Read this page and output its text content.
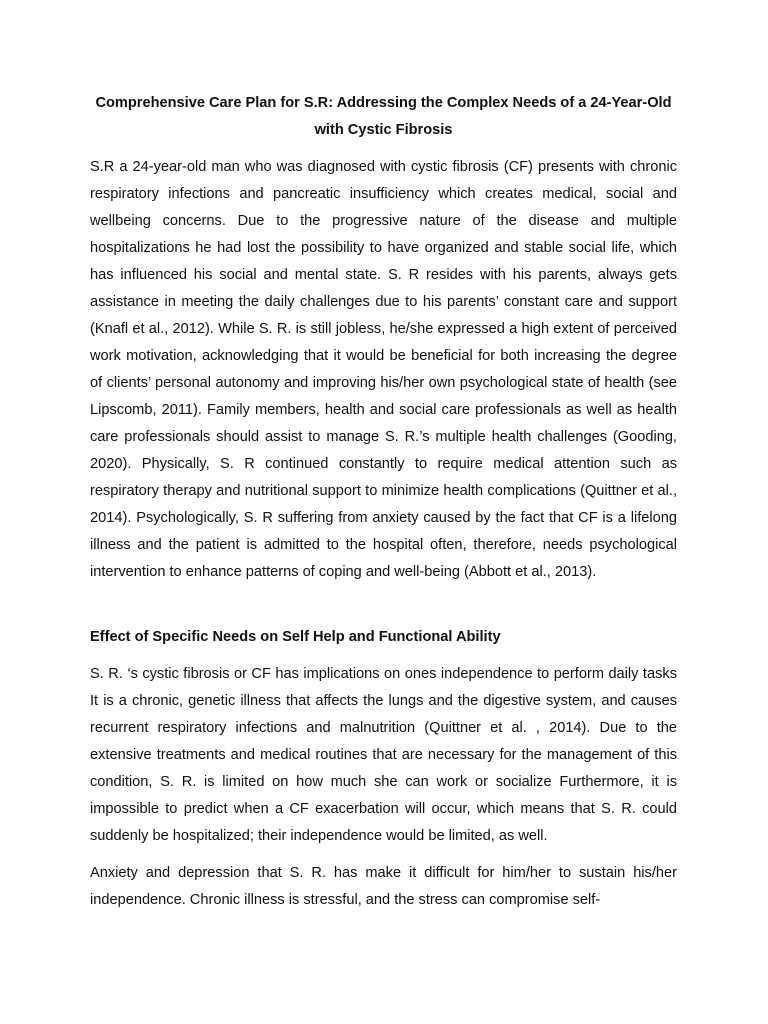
Comprehensive Care Plan for S.R: Addressing the Complex Needs of a 24-Year-Old with Cystic Fibrosis

S.R a 24-year-old man who was diagnosed with cystic fibrosis (CF) presents with chronic respiratory infections and pancreatic insufficiency which creates medical, social and wellbeing concerns. Due to the progressive nature of the disease and multiple hospitalizations he had lost the possibility to have organized and stable social life, which has influenced his social and mental state. S. R resides with his parents, always gets assistance in meeting the daily challenges due to his parents’ constant care and support (Knafl et al., 2012). While S. R. is still jobless, he/she expressed a high extent of perceived work motivation, acknowledging that it would be beneficial for both increasing the degree of clients’ personal autonomy and improving his/her own psychological state of health (see Lipscomb, 2011). Family members, health and social care professionals as well as health care professionals should assist to manage S. R.’s multiple health challenges (Gooding, 2020). Physically, S. R continued constantly to require medical attention such as respiratory therapy and nutritional support to minimize health complications (Quittner et al., 2014). Psychologically, S. R suffering from anxiety caused by the fact that CF is a lifelong illness and the patient is admitted to the hospital often, therefore, needs psychological intervention to enhance patterns of coping and well-being (Abbott et al., 2013).

Effect of Specific Needs on Self Help and Functional Ability

S. R. ‘s cystic fibrosis or CF has implications on ones independence to perform daily tasks It is a chronic, genetic illness that affects the lungs and the digestive system, and causes recurrent respiratory infections and malnutrition (Quittner et al. , 2014). Due to the extensive treatments and medical routines that are necessary for the management of this condition, S. R. is limited on how much she can work or socialize Furthermore, it is impossible to predict when a CF exacerbation will occur, which means that S. R. could suddenly be hospitalized; their independence would be limited, as well.

Anxiety and depression that S. R. has make it difficult for him/her to sustain his/her independence. Chronic illness is stressful, and the stress can compromise self-
